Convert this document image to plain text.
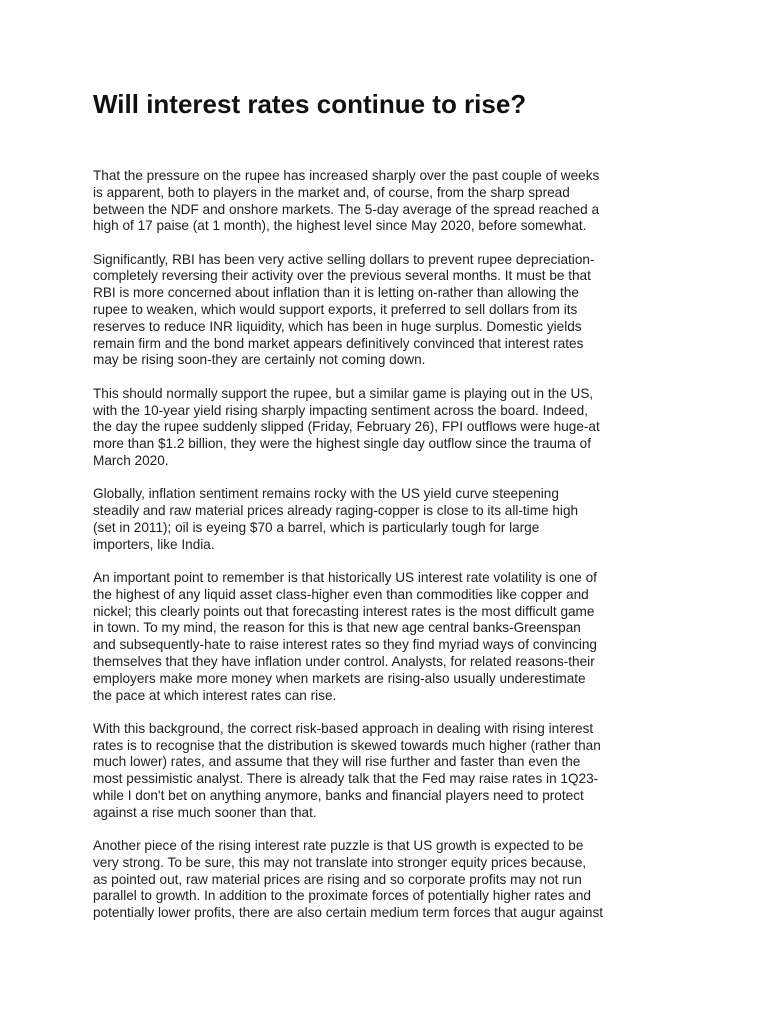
Will interest rates continue to rise?

That the pressure on the rupee has increased sharply over the past couple of weeks
is apparent, both to players in the market and, of course, from the sharp spread
between the NDF and onshore markets. The 5-day average of the spread reached a
high of 17 paise (at 1 month), the highest level since May 2020, before somewhat.

Significantly, RBI has been very active selling dollars to prevent rupee depreciation-
completely reversing their activity over the previous several months. It must be that
RBI is more concerned about inflation than it is letting on-rather than allowing the
rupee to weaken, which would support exports, it preferred to sell dollars from its
reserves to reduce INR liquidity, which has been in huge surplus. Domestic yields
remain firm and the bond market appears definitively convinced that interest rates
may be rising soon-they are certainly not coming down.

This should normally support the rupee, but a similar game is playing out in the US,
with the 10-year yield rising sharply impacting sentiment across the board. Indeed,
the day the rupee suddenly slipped (Friday, February 26), FPI outflows were huge-at
more than $1.2 billion, they were the highest single day outflow since the trauma of
March 2020.

Globally, inflation sentiment remains rocky with the US yield curve steepening
steadily and raw material prices already raging-copper is close to its all-time high
(set in 2011); oil is eyeing $70 a barrel, which is particularly tough for large
importers, like India.

An important point to remember is that historically US interest rate volatility is one of
the highest of any liquid asset class-higher even than commodities like copper and
nickel; this clearly points out that forecasting interest rates is the most difficult game
in town. To my mind, the reason for this is that new age central banks-Greenspan
and subsequently-hate to raise interest rates so they find myriad ways of convincing
themselves that they have inflation under control. Analysts, for related reasons-their
employers make more money when markets are rising-also usually underestimate
the pace at which interest rates can rise.

With this background, the correct risk-based approach in dealing with rising interest
rates is to recognise that the distribution is skewed towards much higher (rather than
much lower) rates, and assume that they will rise further and faster than even the
most pessimistic analyst. There is already talk that the Fed may raise rates in 1Q23-
while I don't bet on anything anymore, banks and financial players need to protect
against a rise much sooner than that.

Another piece of the rising interest rate puzzle is that US growth is expected to be
very strong. To be sure, this may not translate into stronger equity prices because,
as pointed out, raw material prices are rising and so corporate profits may not run
parallel to growth. In addition to the proximate forces of potentially higher rates and
potentially lower profits, there are also certain medium term forces that augur against
